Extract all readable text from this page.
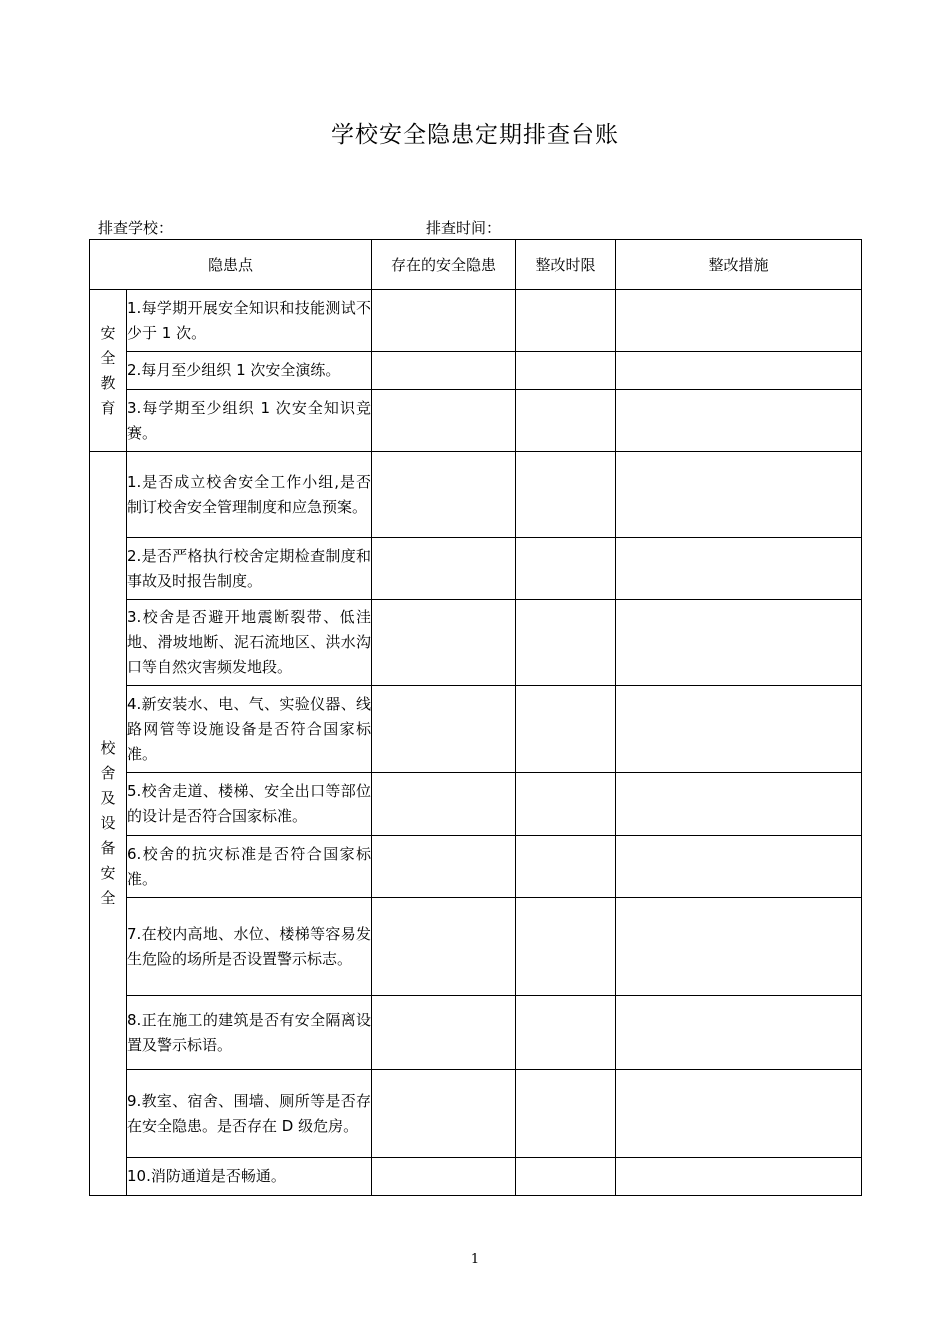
学校安全隐患定期排查台账
排查学校：	排查时间：
隐患点		存在的安全隐患	整改时限	整改措施

安全教育	1.每学期开展安全知识和技能测试不少于 1 次。			
	2.每月至少组织 1 次安全演练。			
	3.每学期至少组织 1 次安全知识竞赛。			

校舍及设备安全	1.是否成立校舍安全工作小组,是否制订校舍安全管理制度和应急预案。			
	2.是否严格执行校舍定期检查制度和事故及时报告制度。			
	3.校舍是否避开地震断裂带、低洼地、滑坡地断、泥石流地区、洪水沟口等自然灾害频发地段。			
	4.新安装水、电、气、实验仪器、线路网管等设施设备是否符合国家标准。			
	5.校舍走道、楼梯、安全出口等部位的设计是否符合国家标准。			
	6.校舍的抗灾标准是否符合国家标准。			
	7.在校内高地、水位、楼梯等容易发生危险的场所是否设置警示标志。			
	8.正在施工的建筑是否有安全隔离设置及警示标语。			
	9.教室、宿舍、围墙、厕所等是否存在安全隐患。是否存在 D 级危房。			
	10.消防通道是否畅通。			
1
